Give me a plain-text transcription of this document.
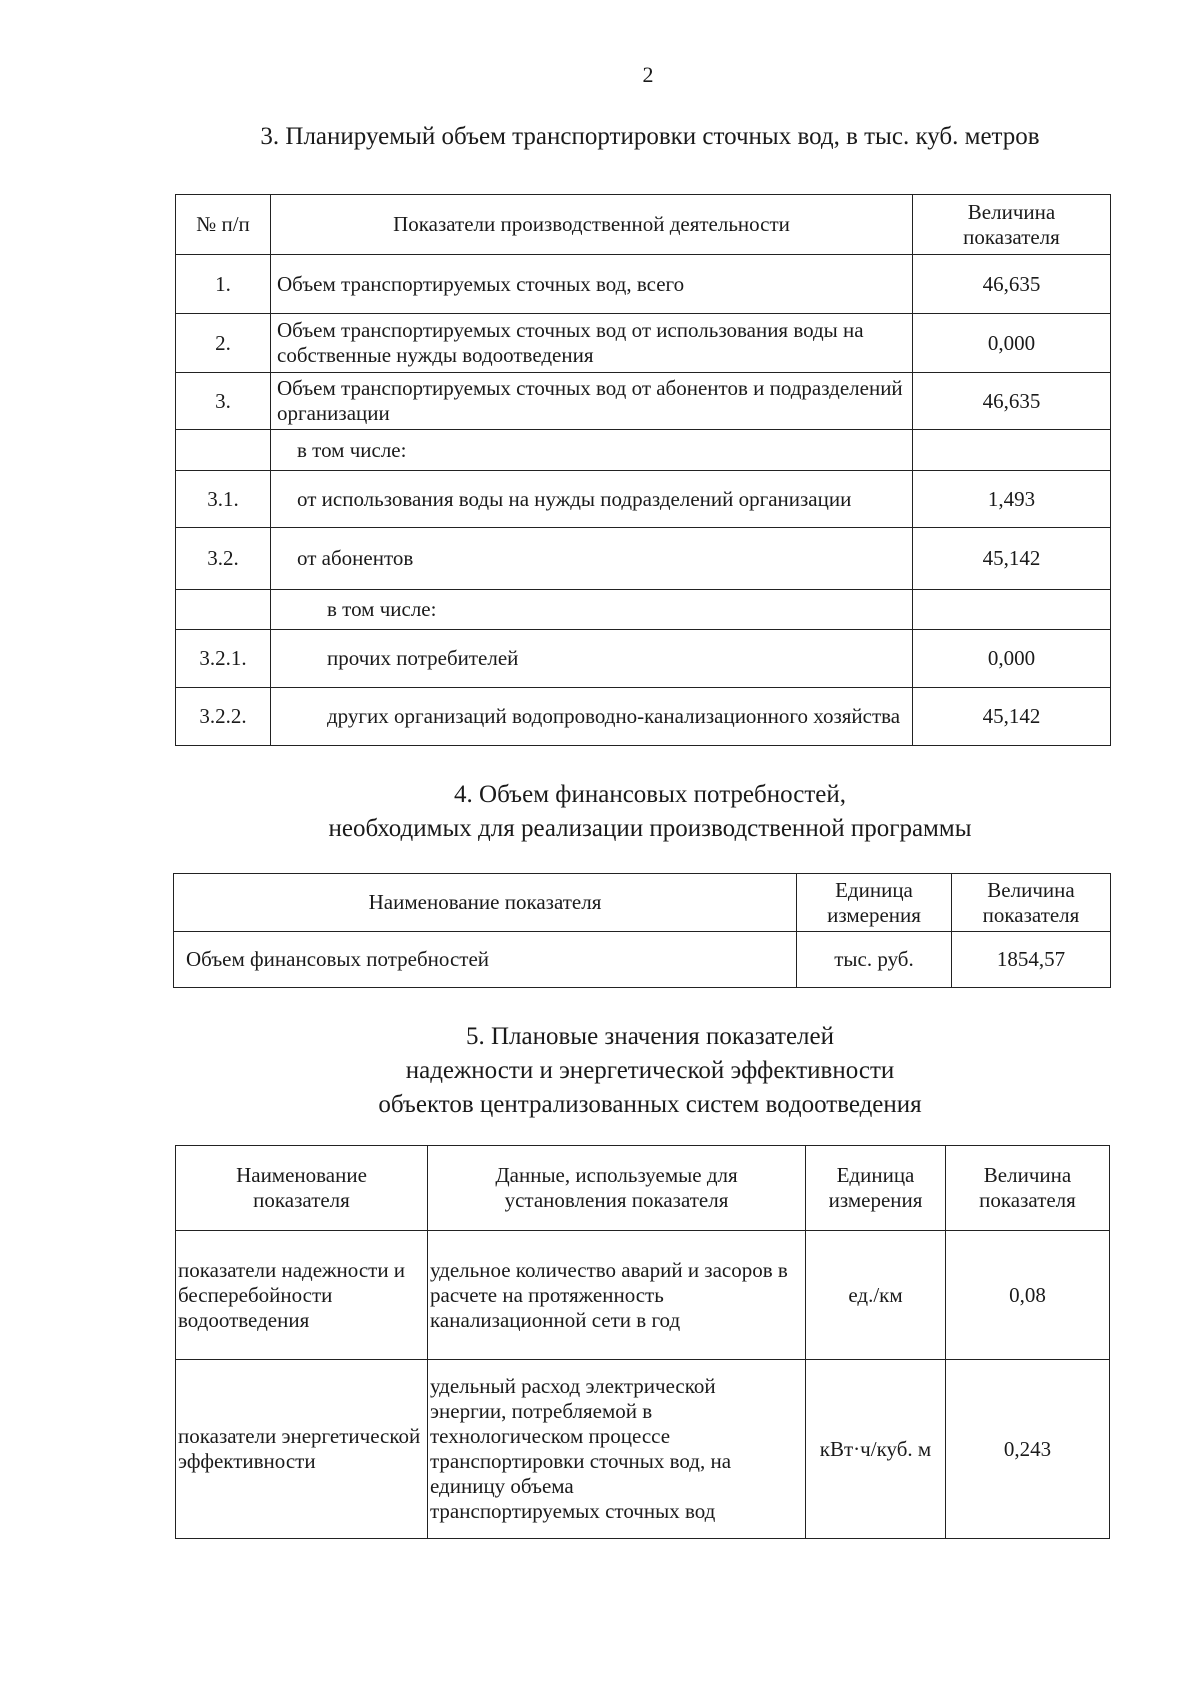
2
3. Планируемый объем транспортировки сточных вод, в тыс. куб. метров
№ п/п	Показатели производственной деятельности	Величина показателя
1.	Объем транспортируемых сточных вод, всего	46,635
2.	Объем транспортируемых сточных вод от использования воды на собственные нужды водоотведения	0,000
3.	Объем транспортируемых сточных вод от абонентов и подразделений организации	46,635
	в том числе:	
3.1.	от использования воды на нужды подразделений организации	1,493
3.2.	от абонентов	45,142
	в том числе:	
3.2.1.	прочих потребителей	0,000
3.2.2.	других организаций водопроводно-канализационного хозяйства	45,142
4. Объем финансовых потребностей,
необходимых для реализации производственной программы
Наименование показателя	Единица измерения	Величина показателя
Объем финансовых потребностей	тыс. руб.	1854,57
5. Плановые значения показателей
надежности и энергетической эффективности
объектов централизованных систем водоотведения
Наименование показателя	Данные, используемые для установления показателя	Единица измерения	Величина показателя
показатели надежности и бесперебойности водоотведения	удельное количество аварий и засоров в расчете на протяженность канализационной сети в год	ед./км	0,08
показатели энергетической эффективности	удельный расход электрической энергии, потребляемой в технологическом процессе транспортировки сточных вод, на единицу объема транспортируемых сточных вод	кВт·ч/куб. м	0,243
